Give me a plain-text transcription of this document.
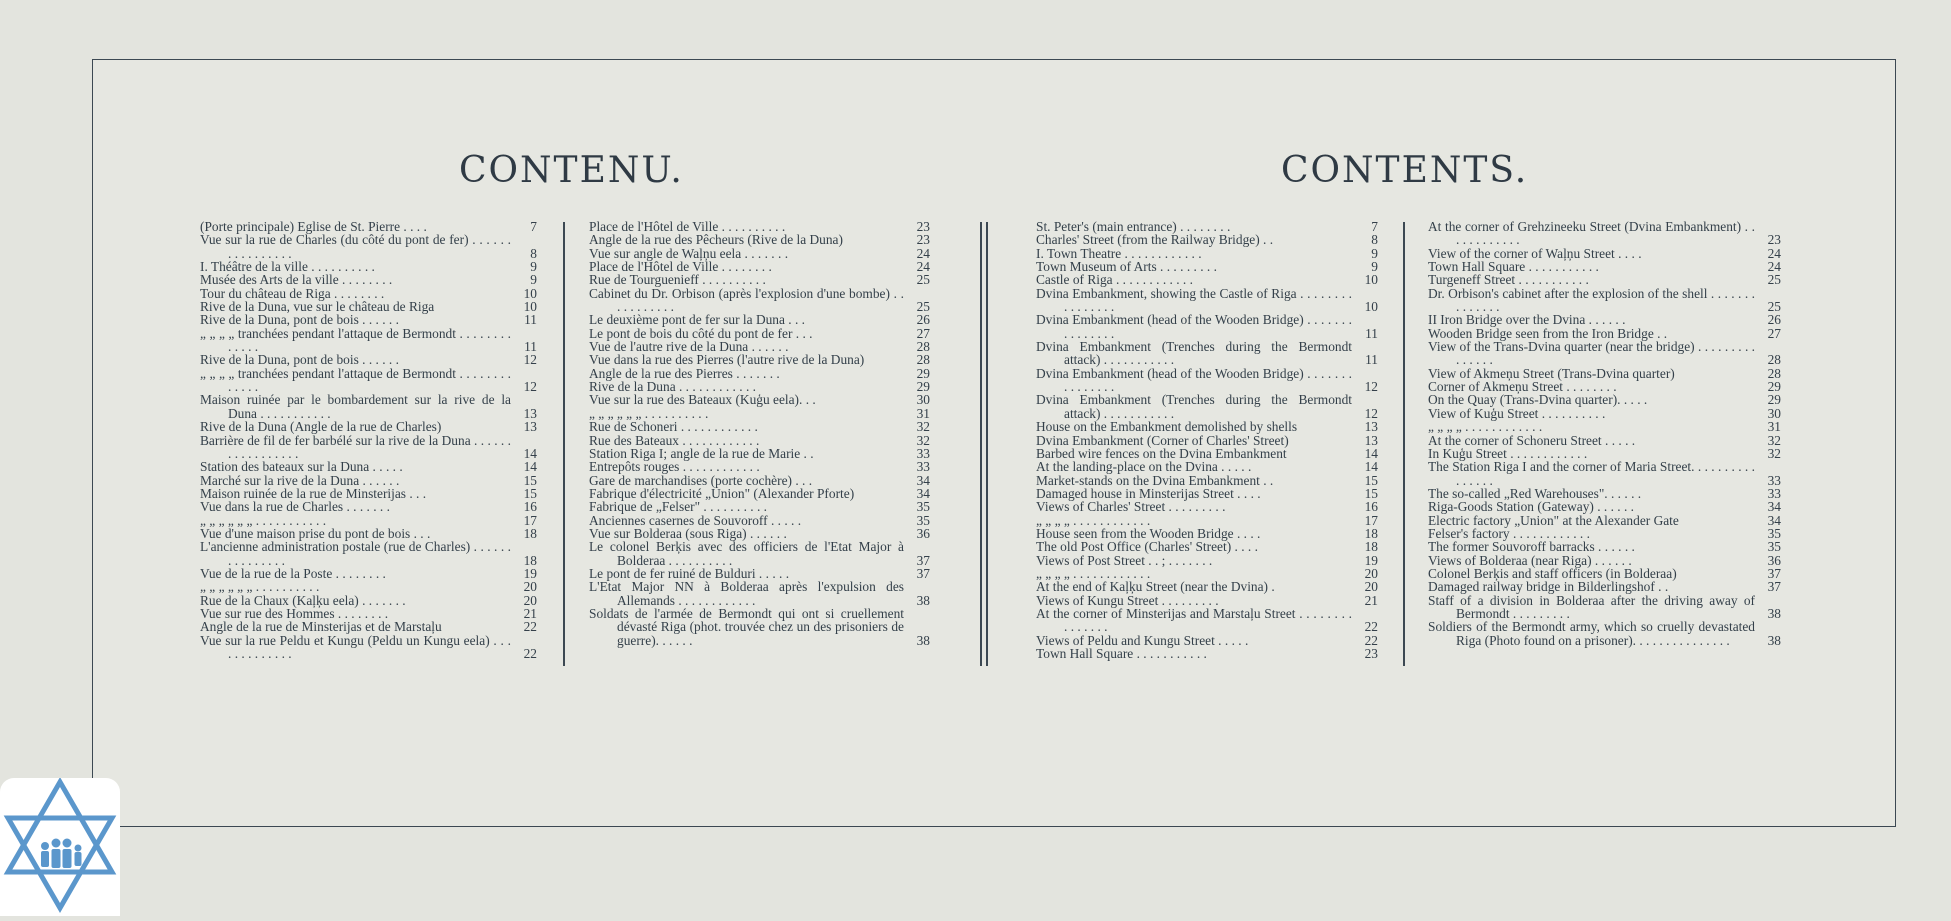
CONTENU.	CONTENTS.
(Porte principale) Eglise de St. Pierre . . . .	7
Vue sur la rue de Charles (du côté du pont de fer) . . . . . . . . . . . . . . . .	8
I. Théâtre de la ville . . . . . . . . . .	9
Musée des Arts de la ville . . . . . . . .	9
Tour du château de Riga . . . . . . . .	10
Rive de la Duna, vue sur le château de Riga	10
Rive de la Duna, pont de bois . . . . . .	11
„ „ „ „ tranchées pendant l'attaque de Bermondt . . . . . . . . . . . . .	11
Rive de la Duna, pont de bois . . . . . .	12
„ „ „ „ tranchées pendant l'attaque de Bermondt . . . . . . . . . . . . .	12
Maison ruinée par le bombardement sur la rive de la Duna . . . . . . . . . . .	13
Rive de la Duna (Angle de la rue de Charles)	13
Barrière de fil de fer barbélé sur la rive de la Duna . . . . . . . . . . . . . . . . .	14
Station des bateaux sur la Duna . . . . .	14
Marché sur la rive de la Duna . . . . . .	15
Maison ruinée de la rue de Minsterijas . . .	15
Vue dans la rue de Charles . . . . . . .	16
„ „ „ „ „ „ . . . . . . . . . . .	17
Vue d'une maison prise du pont de bois . . .	18
L'ancienne administration postale (rue de Charles) . . . . . . . . . . . . . . .	18
Vue de la rue de la Poste . . . . . . . .	19
„ „ „ „ „ „ . . . . . . . . . .	20
Rue de la Chaux (Kaļķu eela) . . . . . . .	20
Vue sur rue des Hommes . . . . . . . .	21
Angle de la rue de Minsterijas et de Marstaļu	22
Vue sur la rue Peldu et Kungu (Peldu un Kungu eela) . . . . . . . . . . . . .	22
Place de l'Hôtel de Ville . . . . . . . . . .	23
Angle de la rue des Pêcheurs (Rive de la Duna)	23
Vue sur angle de Waļņu eela . . . . . . .	24
Place de l'Hôtel de Ville . . . . . . . .	24
Rue de Tourguenieff . . . . . . . . . .	25
Cabinet du Dr. Orbison (après l'explosion d'une bombe) . . . . . . . . . . .	25
Le deuxième pont de fer sur la Duna . . .	26
Le pont de bois du côté du pont de fer . . .	27
Vue de l'autre rive de la Duna . . . . . .	28
Vue dans la rue des Pierres (l'autre rive de la Duna)	28
Angle de la rue des Pierres . . . . . . .	29
Rive de la Duna . . . . . . . . . . . .	29
Vue sur la rue des Bateaux (Kuģu eela). . .	30
„ „ „ „ „ „ . . . . . . . . . .	31
Rue de Schoneri . . . . . . . . . . . .	32
Rue des Bateaux . . . . . . . . . . . .	32
Station Riga I; angle de la rue de Marie . .	33
Entrepôts rouges . . . . . . . . . . . .	33
Gare de marchandises (porte cochère) . . .	34
Fabrique d'électricité „Union" (Alexander Pforte)	34
Fabrique de „Felser" . . . . . . . . . .	35
Anciennes casernes de Souvoroff . . . . .	35
Vue sur Bolderaa (sous Riga) . . . . . .	36
Le colonel Berķis avec des officiers de l'Etat Major à Bolderaa . . . . . . . . . .	37
Le pont de fer ruiné de Bulduri . . . . .	37
L'Etat Major NN à Bolderaa après l'expulsion des Allemands . . . . . . . . . . . .	38
Soldats de l'armée de Bermondt qui ont si cruellement dévasté Riga (phot. trouvée chez un des prisoniers de guerre). . . . . .	38
St. Peter's (main entrance) . . . . . . . .	7
Charles' Street (from the Railway Bridge) . .	8
I. Town Theatre . . . . . . . . . . . .	9
Town Museum of Arts . . . . . . . . .	9
Castle of Riga . . . . . . . . . . . .	10
Dvina Embankment, showing the Castle of Riga . . . . . . . . . . . . . . . .	10
Dvina Embankment (head of the Wooden Bridge) . . . . . . . . . . . . . . .	11
Dvina Embankment (Trenches during the Bermondt attack) . . . . . . . . . . .	11
Dvina Embankment (head of the Wooden Bridge) . . . . . . . . . . . . . . .	12
Dvina Embankment (Trenches during the Bermondt attack) . . . . . . . . . . .	12
House on the Embankment demolished by shells	13
Dvina Embankment (Corner of Charles' Street)	13
Barbed wire fences on the Dvina Embankment	14
At the landing-place on the Dvina . . . . .	14
Market-stands on the Dvina Embankment . .	15
Damaged house in Minsterijas Street . . . .	15
Views of Charles' Street . . . . . . . . .	16
„ „ „ „ . . . . . . . . . . . .	17
House seen from the Wooden Bridge . . . .	18
The old Post Office (Charles' Street) . . . .	18
Views of Post Street . . ; . . . . . . .	19
„ „ „ „ . . . . . . . . . . . .	20
At the end of Kaļķu Street (near the Dvina) .	20
Views of Kungu Street . . . . . . . . .	21
At the corner of Minsterijas and Marstaļu Street . . . . . . . . . . . . . . .	22
Views of Peldu and Kungu Street . . . . .	22
Town Hall Square . . . . . . . . . . .	23
At the corner of Grehzineeku Street (Dvina Embankment) . . . . . . . . . . . .	23
View of the corner of Waļņu Street . . . .	24
Town Hall Square . . . . . . . . . . .	24
Turgeneff Street . . . . . . . . . . .	25
Dr. Orbison's cabinet after the explosion of the shell . . . . . . . . . . . . . .	25
II Iron Bridge over the Dvina . . . . . .	26
Wooden Bridge seen from the Iron Bridge . .	27
View of the Trans-Dvina quarter (near the bridge) . . . . . . . . . . . . . . .	28
View of Akmeņu Street (Trans-Dvina quarter)	28
Corner of Akmeņu Street . . . . . . . .	29
On the Quay (Trans-Dvina quarter). . . . .	29
View of Kuģu Street . . . . . . . . . .	30
„ „ „ „ . . . . . . . . . . . .	31
At the corner of Schoneru Street . . . . .	32
In Kuģu Street . . . . . . . . . . . .	32
The Station Riga I and the corner of Maria Street. . . . . . . . . . . . . . . .	33
The so-called „Red Warehouses". . . . . .	33
Riga-Goods Station (Gateway) . . . . . .	34
Electric factory „Union" at the Alexander Gate	34
Felser's factory . . . . . . . . . . . .	35
The former Souvoroff barracks . . . . . .	35
Views of Bolderaa (near Riga) . . . . . .	36
Colonel Berķis and staff officers (in Bolderaa)	37
Damaged railway bridge in Bilderlingshof . .	37
Staff of a division in Bolderaa after the driving away of Bermondt . . . . . . . . .	38
Soldiers of the Bermondt army, which so cruelly devastated Riga (Photo found on a prisoner). . . . . . . . . . . . . . .	38
